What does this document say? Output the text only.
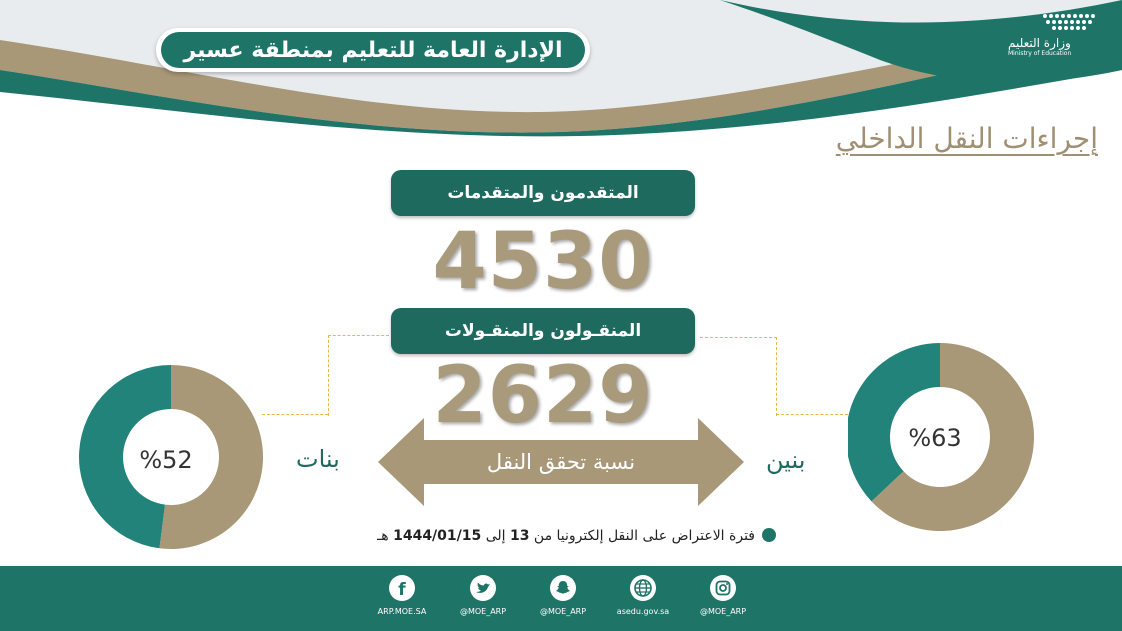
وزارة التعليم
Ministry of Education
الإدارة العامة للتعليم بمنطقة عسير
إجراءات النقل الداخلي
المتقدمون والمتقدمات
4530
المنقـولون والمنقـولات
2629
نسبة تحقق النقل
%52	بنات
%63
بنين
فترة الاعتراض على النقل إلكترونيا من 13 إلى 1444/01/15 هـ
f
ARP.MOE.SA	@MOE_ARP	@MOE_ARP	asedu.gov.sa	@MOE_ARP
